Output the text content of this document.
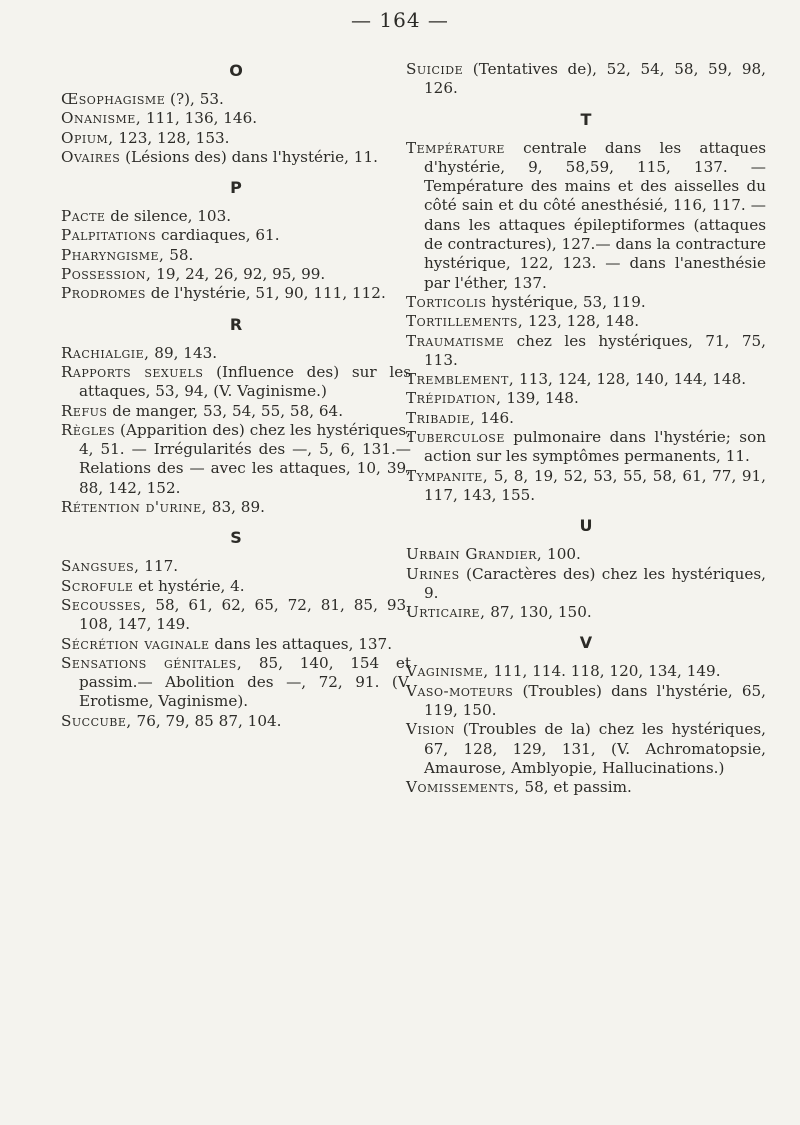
— 164 —
O

Œsophagisme (?), 53.

Onanisme, 111, 136, 146.

Opium, 123, 128, 153.

Ovaires (Lésions des) dans l'hystérie, 11.

P

Pacte de silence, 103.

Palpitations cardiaques, 61.

Pharyngisme, 58.

Possession, 19, 24, 26, 92, 95, 99.

Prodromes de l'hystérie, 51, 90, 111, 112.

R

Rachialgie, 89, 143.

Rapports sexuels (Influence des) sur les attaques, 53, 94, (V. Vaginisme.)

Refus de manger, 53, 54, 55, 58, 64.

Règles (Apparition des) chez les hystériques, 4, 51. — Irrégularités des —, 5, 6, 131.— Relations des — avec les attaques, 10, 39, 88, 142, 152.

Rétention d'urine, 83, 89.

S

Sangsues, 117.

Scrofule et hystérie, 4.

Secousses, 58, 61, 62, 65, 72, 81, 85, 93, 108, 147, 149.

Sécrétion vaginale dans les attaques, 137.

Sensations génitales, 85, 140, 154 et passim.— Abolition des —, 72, 91. (V. Erotisme, Vaginisme).

Succube, 76, 79, 85 87, 104.

Suicide (Tentatives de), 52, 54, 58, 59, 98, 126.

T

Température centrale dans les attaques d'hystérie, 9, 58,59, 115, 137. — Température des mains et des aisselles du côté sain et du côté anesthésié, 116, 117. — dans les attaques épileptiformes (attaques de contractures), 127.— dans la contracture hystérique, 122, 123. — dans l'anesthésie par l'éther, 137.

Torticolis hystérique, 53, 119.

Tortillements, 123, 128, 148.

Traumatisme chez les hystériques, 71, 75, 113.

Tremblement, 113, 124, 128, 140, 144, 148.

Trépidation, 139, 148.

Tribadie, 146.

Tuberculose pulmonaire dans l'hystérie; son action sur les symptômes permanents, 11.

Tympanite, 5, 8, 19, 52, 53, 55, 58, 61, 77, 91, 117, 143, 155.

U

Urbain Grandier, 100.

Urines (Caractères des) chez les hystériques, 9.

Urticaire, 87, 130, 150.

V

Vaginisme, 111, 114. 118, 120, 134, 149.

Vaso-moteurs (Troubles) dans l'hystérie, 65, 119, 150.

Vision (Troubles de la) chez les hystériques, 67, 128, 129, 131, (V. Achromatopsie, Amaurose, Amblyopie, Hallucinations.)

Vomissements, 58, et passim.
